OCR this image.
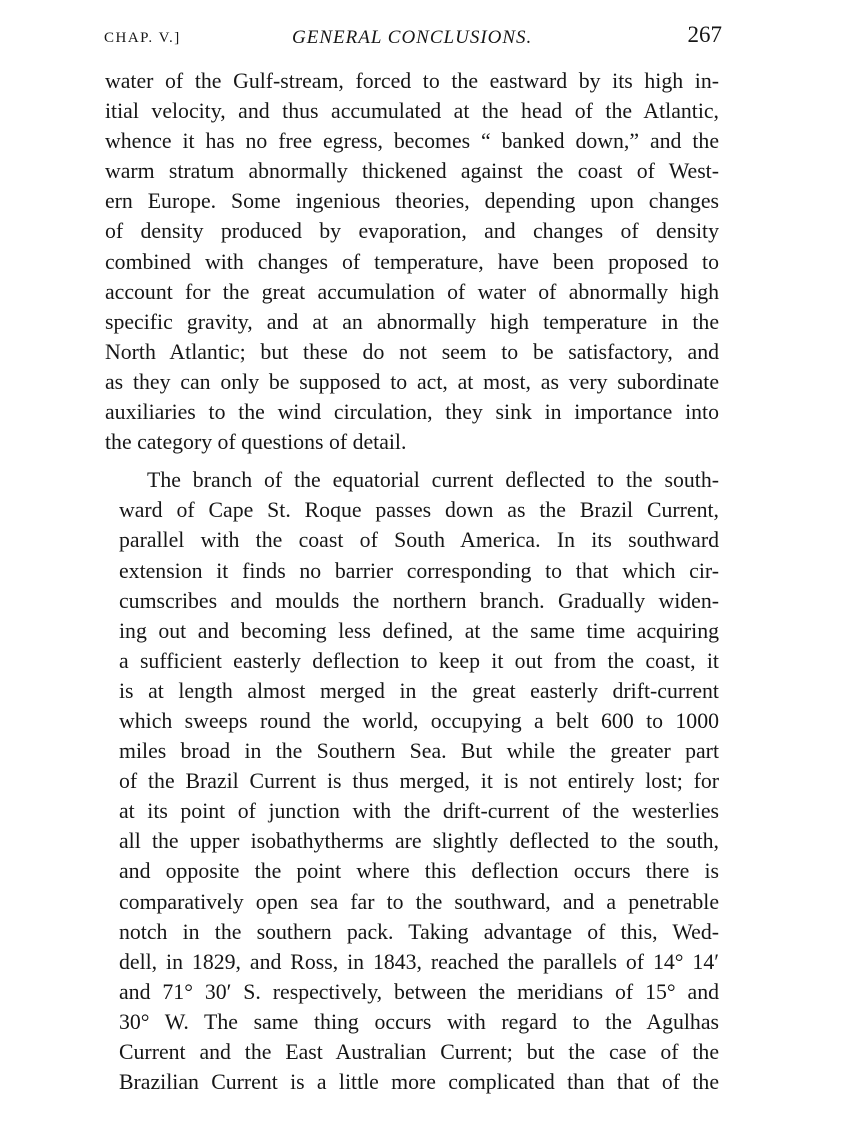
CHAP. V.]	GENERAL CONCLUSIONS.	267
water of the Gulf-stream, forced to the eastward by its high in-
itial velocity, and thus accumulated at the head of the Atlantic,
whence it has no free egress, becomes “ banked down,” and the
warm stratum abnormally thickened against the coast of West-
ern Europe. Some ingenious theories, depending upon changes
of density produced by evaporation, and changes of density
combined with changes of temperature, have been proposed to
account for the great accumulation of water of abnormally high
specific gravity, and at an abnormally high temperature in the
North Atlantic; but these do not seem to be satisfactory, and
as they can only be supposed to act, at most, as very subordinate
auxiliaries to the wind circulation, they sink in importance into
the category of questions of detail.
The branch of the equatorial current deflected to the south-
ward of Cape St. Roque passes down as the Brazil Current,
parallel with the coast of South America. In its southward
extension it finds no barrier corresponding to that which cir-
cumscribes and moulds the northern branch. Gradually widen-
ing out and becoming less defined, at the same time acquiring
a sufficient easterly deflection to keep it out from the coast, it
is at length almost merged in the great easterly drift-current
which sweeps round the world, occupying a belt 600 to 1000
miles broad in the Southern Sea. But while the greater part
of the Brazil Current is thus merged, it is not entirely lost; for
at its point of junction with the drift-current of the westerlies
all the upper isobathytherms are slightly deflected to the south,
and opposite the point where this deflection occurs there is
comparatively open sea far to the southward, and a penetrable
notch in the southern pack. Taking advantage of this, Wed-
dell, in 1829, and Ross, in 1843, reached the parallels of 14° 14′
and 71° 30′ S. respectively, between the meridians of 15° and
30° W. The same thing occurs with regard to the Agulhas
Current and the East Australian Current; but the case of the
Brazilian Current is a little more complicated than that of the
